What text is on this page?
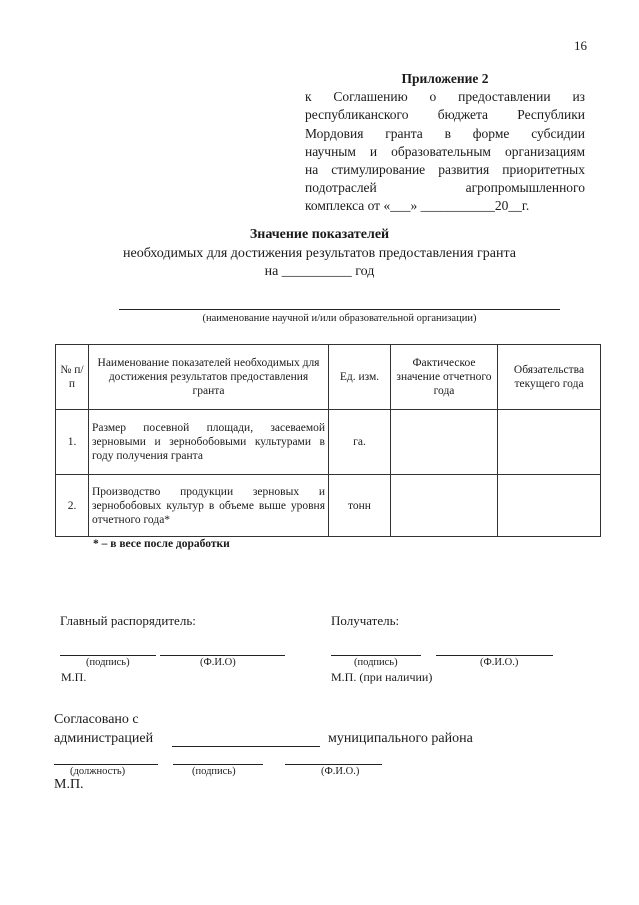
16
Приложение 2
к Соглашению о предоставлении из
республиканского бюджета Республики
Мордовия гранта в форме субсидии
научным и образовательным организациям
на стимулирование развития приоритетных
подотраслей агропромышленного
комплекса от «___» ___________20__г.
Значение показателей
необходимых для достижения результатов предоставления гранта
на __________ год
(наименование научной и/или образовательной организации)
№ п/п	Наименование показателей необходимых для достижения результатов предоставления гранта	Ед. изм.	Фактическое значение отчетного года	Обязательства текущего года
1.	Размер посевной площади, засеваемой зерновыми и зернобобовыми культурами в году получения гранта	га.		
2.	Производство продукции зерновых и зернобобовых культур в объеме выше уровня отчетного года*	тонн		
* – в весе после доработки
Главный распорядитель:
(подпись)	(Ф.И.О)
М.П.
Получатель:
(подпись)	(Ф.И.О.)
М.П. (при наличии)
Согласовано с
администрацией	муниципального района
(должность)	(подпись)	(Ф.И.О.)
М.П.
